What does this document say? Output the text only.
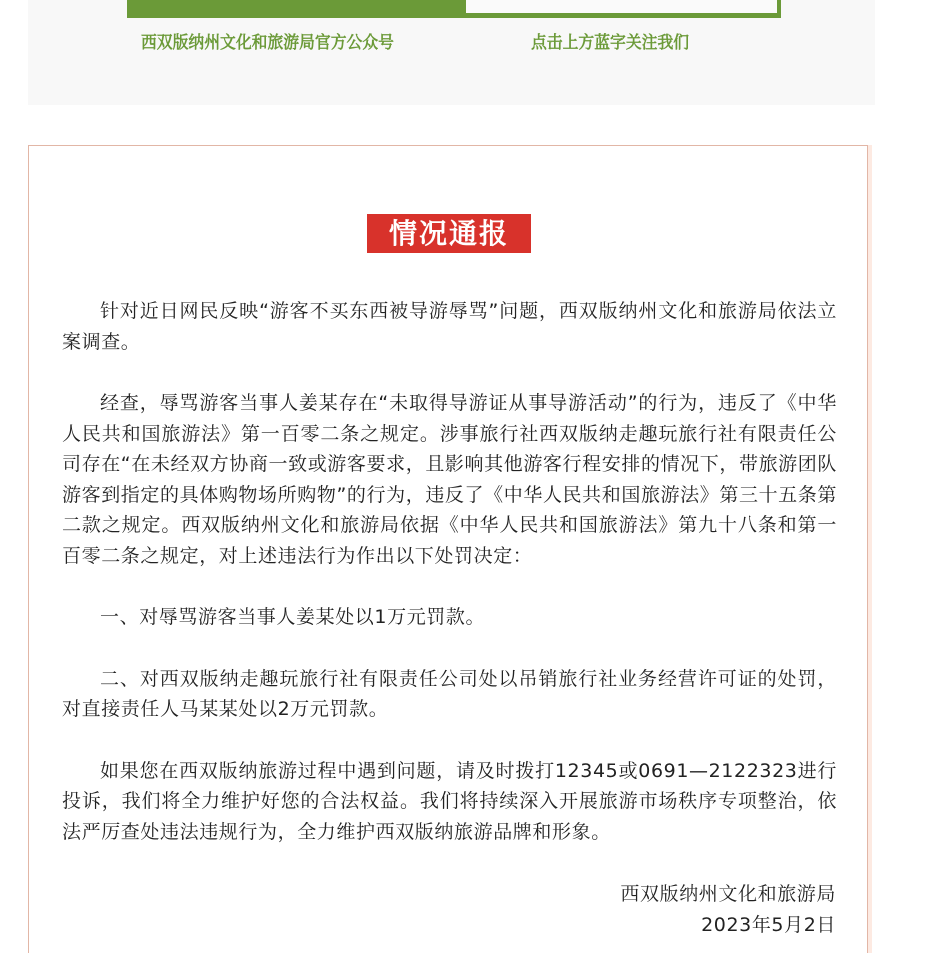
西双版纳州文化和旅游局官方公众号	点击上方蓝字关注我们
情况通报

针对近日网民反映“游客不买东西被导游辱骂”问题，西双版纳州文化和旅游局依法立案调查。

经查，辱骂游客当事人姜某存在“未取得导游证从事导游活动”的行为，违反了《中华人民共和国旅游法》第一百零二条之规定。涉事旅行社西双版纳走趣玩旅行社有限责任公司存在“在未经双方协商一致或游客要求，且影响其他游客行程安排的情况下，带旅游团队游客到指定的具体购物场所购物”的行为，违反了《中华人民共和国旅游法》第三十五条第二款之规定。西双版纳州文化和旅游局依据《中华人民共和国旅游法》第九十八条和第一百零二条之规定，对上述违法行为作出以下处罚决定：

一、对辱骂游客当事人姜某处以1万元罚款。

二、对西双版纳走趣玩旅行社有限责任公司处以吊销旅行社业务经营许可证的处罚，对直接责任人马某某处以2万元罚款。

如果您在西双版纳旅游过程中遇到问题，请及时拨打12345或0691—2122323进行投诉，我们将全力维护好您的合法权益。我们将持续深入开展旅游市场秩序专项整治，依法严厉查处违法违规行为，全力维护西双版纳旅游品牌和形象。

西双版纳州文化和旅游局
2023年5月2日
